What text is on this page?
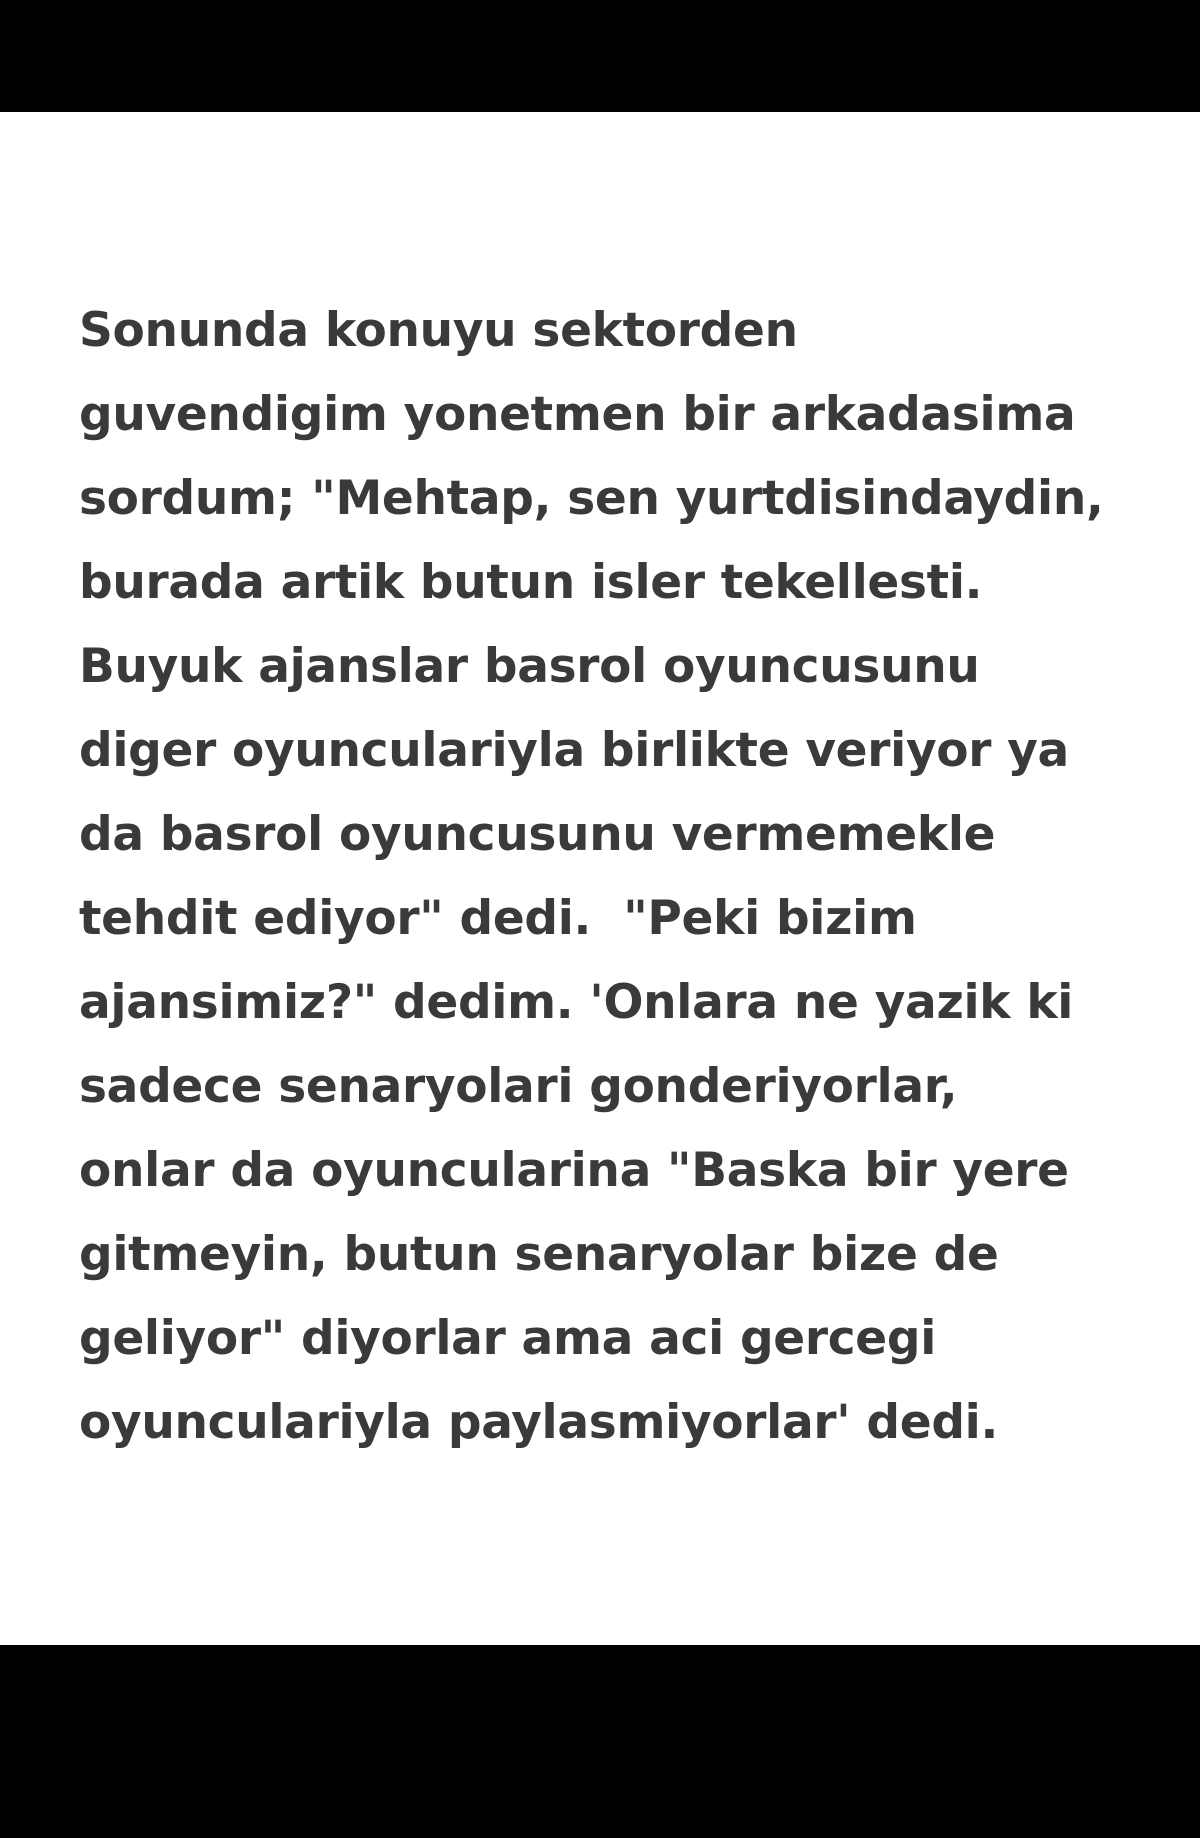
Sonunda konuyu sektorden
guvendigim yonetmen bir arkadasima
sordum; "Mehtap, sen yurtdisindaydin,
burada artik butun isler tekellesti.
Buyuk ajanslar basrol oyuncusunu
diger oyunculariyla birlikte veriyor ya
da basrol oyuncusunu vermemekle
tehdit ediyor" dedi.  "Peki bizim
ajansimiz?" dedim. 'Onlara ne yazik ki
sadece senaryolari gonderiyorlar,
onlar da oyuncularina "Baska bir yere
gitmeyin, butun senaryolar bize de
geliyor" diyorlar ama aci gercegi
oyunculariyla paylasmiyorlar' dedi.
